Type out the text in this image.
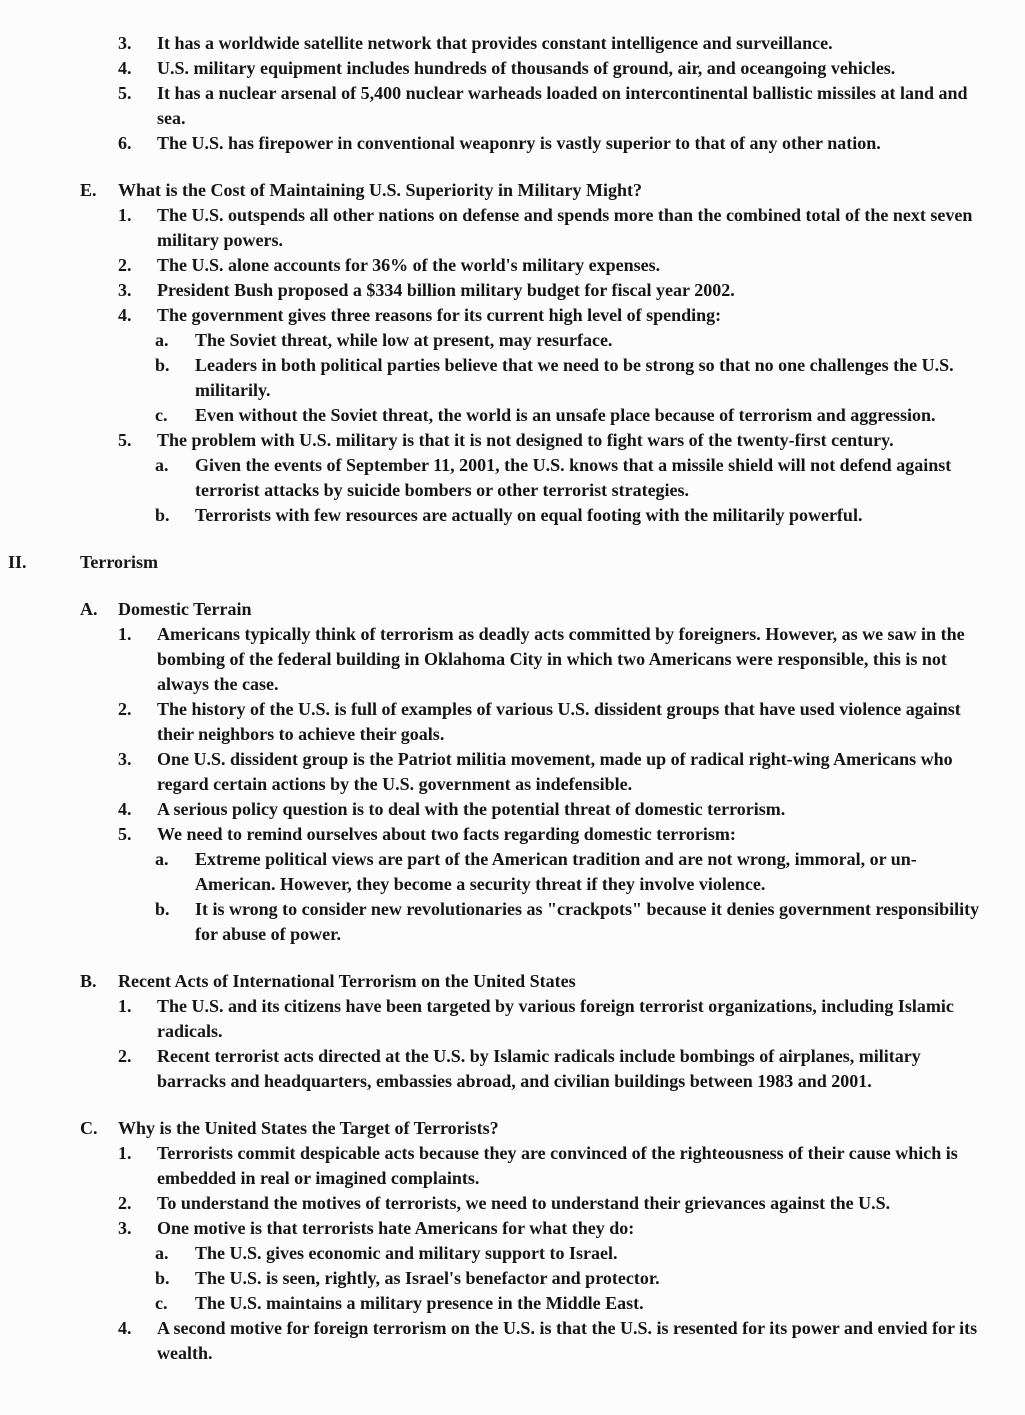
3. It has a worldwide satellite network that provides constant intelligence and surveillance.
4. U.S. military equipment includes hundreds of thousands of ground, air, and oceangoing vehicles.
5. It has a nuclear arsenal of 5,400 nuclear warheads loaded on intercontinental ballistic missiles at land and sea.
6. The U.S. has firepower in conventional weaponry is vastly superior to that of any other nation.
E. What is the Cost of Maintaining U.S. Superiority in Military Might?
1. The U.S. outspends all other nations on defense and spends more than the combined total of the next seven military powers.
2. The U.S. alone accounts for 36% of the world's military expenses.
3. President Bush proposed a $334 billion military budget for fiscal year 2002.
4. The government gives three reasons for its current high level of spending:
a. The Soviet threat, while low at present, may resurface.
b. Leaders in both political parties believe that we need to be strong so that no one challenges the U.S. militarily.
c. Even without the Soviet threat, the world is an unsafe place because of terrorism and aggression.
5. The problem with U.S. military is that it is not designed to fight wars of the twenty-first century.
a. Given the events of September 11, 2001, the U.S. knows that a missile shield will not defend against terrorist attacks by suicide bombers or other terrorist strategies.
b. Terrorists with few resources are actually on equal footing with the militarily powerful.
II.	Terrorism
A. Domestic Terrain
1. Americans typically think of terrorism as deadly acts committed by foreigners. However, as we saw in the bombing of the federal building in Oklahoma City in which two Americans were responsible, this is not always the case.
2. The history of the U.S. is full of examples of various U.S. dissident groups that have used violence against their neighbors to achieve their goals.
3. One U.S. dissident group is the Patriot militia movement, made up of radical right-wing Americans who regard certain actions by the U.S. government as indefensible.
4. A serious policy question is to deal with the potential threat of domestic terrorism.
5. We need to remind ourselves about two facts regarding domestic terrorism:
a. Extreme political views are part of the American tradition and are not wrong, immoral, or un-American. However, they become a security threat if they involve violence.
b. It is wrong to consider new revolutionaries as "crackpots" because it denies government responsibility for abuse of power.
B. Recent Acts of International Terrorism on the United States
1. The U.S. and its citizens have been targeted by various foreign terrorist organizations, including Islamic radicals.
2. Recent terrorist acts directed at the U.S. by Islamic radicals include bombings of airplanes, military barracks and headquarters, embassies abroad, and civilian buildings between 1983 and 2001.
C. Why is the United States the Target of Terrorists?
1. Terrorists commit despicable acts because they are convinced of the righteousness of their cause which is embedded in real or imagined complaints.
2. To understand the motives of terrorists, we need to understand their grievances against the U.S.
3. One motive is that terrorists hate Americans for what they do:
a. The U.S. gives economic and military support to Israel.
b. The U.S. is seen, rightly, as Israel's benefactor and protector.
c. The U.S. maintains a military presence in the Middle East.
4. A second motive for foreign terrorism on the U.S. is that the U.S. is resented for its power and envied for its wealth.
